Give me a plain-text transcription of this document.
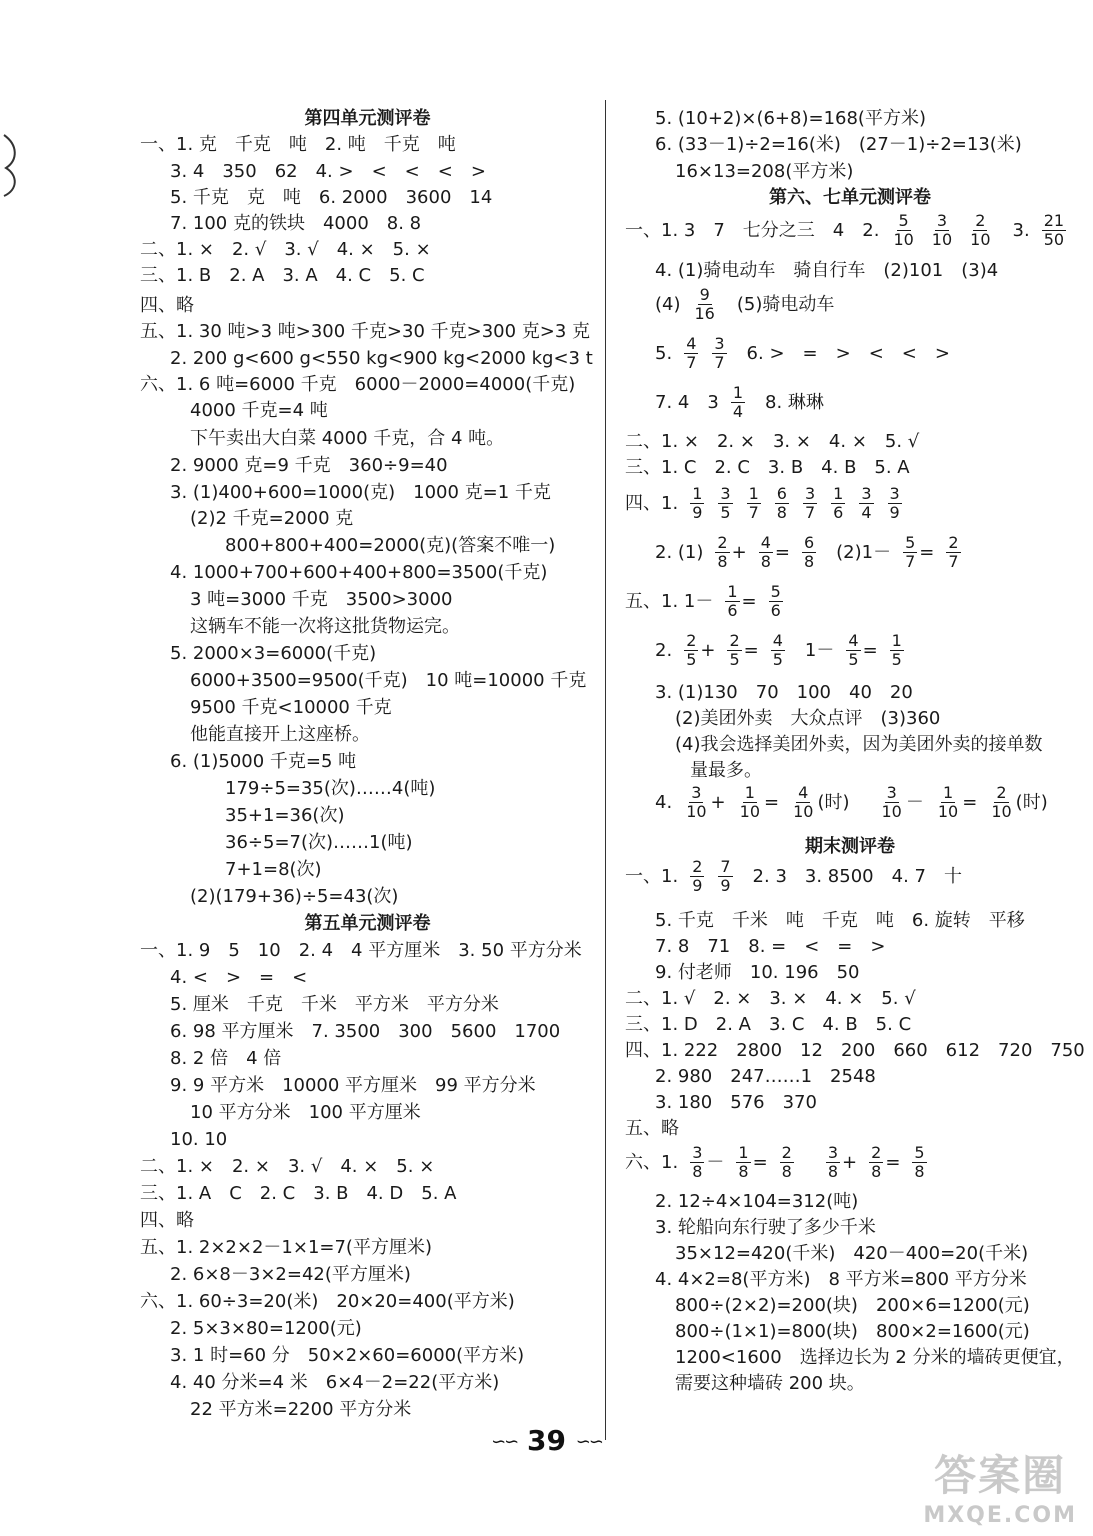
第四单元测评卷
一、1. 克　千克　吨　2. 吨　千克　吨
3. 4　350　62　4. >　<　<　<　>
5. 千克　克　吨　6. 2000　3600　14
7. 100 克的铁块　4000　8. 8
二、1. ×　2. √　3. √　4. ×　5. ×
三、1. B　2. A　3. A　4. C　5. C
四、略
五、1. 30 吨>3 吨>300 千克>30 千克>300 克>3 克
2. 200 g<600 g<550 kg<900 kg<2000 kg<3 t
六、1. 6 吨=6000 千克　6000－2000=4000(千克)
4000 千克=4 吨
下午卖出大白菜 4000 千克，合 4 吨。
2. 9000 克=9 千克　360÷9=40
3. (1)400+600=1000(克)　1000 克=1 千克
(2)2 千克=2000 克
800+800+400=2000(克)(答案不唯一)
4. 1000+700+600+400+800=3500(千克)
3 吨=3000 千克　3500>3000
这辆车不能一次将这批货物运完。
5. 2000×3=6000(千克)
6000+3500=9500(千克)　10 吨=10000 千克
9500 千克<10000 千克
他能直接开上这座桥。
6. (1)5000 千克=5 吨
179÷5=35(次)……4(吨)
35+1=36(次)
36÷5=7(次)……1(吨)
7+1=8(次)
(2)(179+36)÷5=43(次)
第五单元测评卷
一、1. 9　5　10　2. 4　4 平方厘米　3. 50 平方分米
4. <　>　=　<
5. 厘米　千克　千米　平方米　平方分米
6. 98 平方厘米　7. 3500　300　5600　1700
8. 2 倍　4 倍
9. 9 平方米　10000 平方厘米　99 平方分米
10 平方分米　100 平方厘米
10. 10
二、1. ×　2. ×　3. √　4. ×　5. ×
三、1. A　C　2. C　3. B　4. D　5. A
四、略
五、1. 2×2×2－1×1=7(平方厘米)
2. 6×8－3×2=42(平方厘米)
六、1. 60÷3=20(米)　20×20=400(平方米)
2. 5×3×80=1200(元)
3. 1 时=60 分　50×2×60=6000(平方米)
4. 40 分米=4 米　6×4－2=22(平方米)
22 平方米=2200 平方分米
5. (10+2)×(6+8)=168(平方米)
6. (33－1)÷2=16(米)　(27－1)÷2=13(米)
16×13=208(平方米)
第六、七单元测评卷
一、1. 3　7　七分之三　4　2. $\frac{5}{10} \frac{3}{10} \frac{2}{10}$ 　3. $\frac{21}{50}$
4. (1)骑电动车　骑自行车　(2)101　(3)4
$(4) \frac{9}{16}$ 　(5)骑电动车
5. $\frac{4}{7} \frac{3}{7}$ 　6. >　=　>　<　<　>
7. 4　$3 \frac{1}{4}$ 　8. 琳琳
二、1. ×　2. ×　3. ×　4. ×　5. √
三、1. C　2. C　3. B　4. B　5. A
四、1. $\frac{1}{9} \frac{3}{5} \frac{1}{7} \frac{6}{8} \frac{3}{7} \frac{1}{6} \frac{3}{4} \frac{3}{9}$
2. $(1) \frac{2}{8} + \frac{4}{8} = \frac{6}{8}$ 　$(2)1- \frac{5}{7} = \frac{2}{7}$
五、1. $1- \frac{1}{6} = \frac{5}{6}$
2. $\frac{2}{5} + \frac{2}{5} = \frac{4}{5}$ 　$1- \frac{4}{5} = \frac{1}{5}$
3. (1)130　70　100　40　20
(2)美团外卖　大众点评　(3)360
(4)我会选择美团外卖，因为美团外卖的接单数
量最多。
4. $\frac{3}{10} + \frac{1}{10} = \frac{4}{10}$ (时)　 $\frac{3}{10} - \frac{1}{10} = \frac{2}{10}$ (时)
期末测评卷
一、1. $\frac{2}{9} \frac{7}{9}$ 　2. 3　3. 8500　4. 7　十
5. 千克　千米　吨　千克　吨　6. 旋转　平移
7. 8　71　8. =　<　=　>
9. 付老师　10. 196　50
二、1. √　2. ×　3. ×　4. ×　5. √
三、1. D　2. A　3. C　4. B　5. C
四、1. 222　2800　12　200　660　612　720　750
2. 980　247……1　2548
3. 180　576　370
五、略
六、1. $\frac{3}{8} - \frac{1}{8} = \frac{2}{8}$
　 $\frac{3}{8} + \frac{2}{8} = \frac{5}{8}$
2. 12÷4×104=312(吨)
3. 轮船向东行驶了多少千米
35×12=420(千米)　420－400=20(千米)
4. 4×2=8(平方米)　8 平方米=800 平方分米
800÷(2×2)=200(块)　200×6=1200(元)
800÷(1×1)=800(块)　800×2=1600(元)
1200<1600　选择边长为 2 分米的墙砖更便宜，
需要这种墙砖 200 块。
∽∽ 39 ∽∽
答案圈
MXQE.COM
